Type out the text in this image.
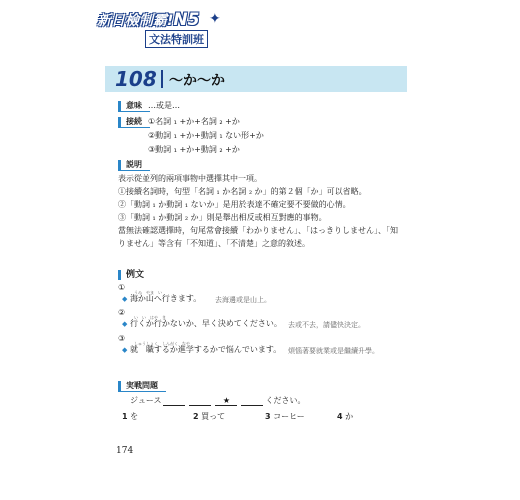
新日檢制霸!N5 ✦
文法特訓班
108 〜か〜か
意味 …或是…
接続 ①名詞 ₁ +か+名詞 ₂ +か
②動詞 ₁ +か+動詞 ₁ ない形+か
③動詞 ₁ +か+動詞 ₂ +か
説明
表示從並列的兩項事物中選擇其中一項。
①接續名詞時，句型「名詞 ₁ か名詞 ₂ か」的第２個「か」可以省略。
②「動詞 ₁ か動詞 ₁ ないか」是用於表達不確定要不要做的心情。
③「動詞 ₁ か動詞 ₂ か」則是舉出相反或相互對應的事物。
當無法確認選擇時，句尾常會接續「わかりません」、「はっきりしません」、「知
りません」等含有「不知道」、「不清楚」之意的敘述。
例文
①
うみ　やま　い
◆ 海か山へ行きます。 去海邊或是山上。
②
い　い　はや　き
◆ 行くか行かないか、早く決めてください。 去或不去，請儘快決定。
③
しゅうしょく　しんがく　なや
◆ 就　職するか進学するかで悩んでいます。 煩惱著要就業或是繼續升學。
実戦問題
ジュース	★	ください。
1 を	2 買って	3 コーヒー	4 か
174
